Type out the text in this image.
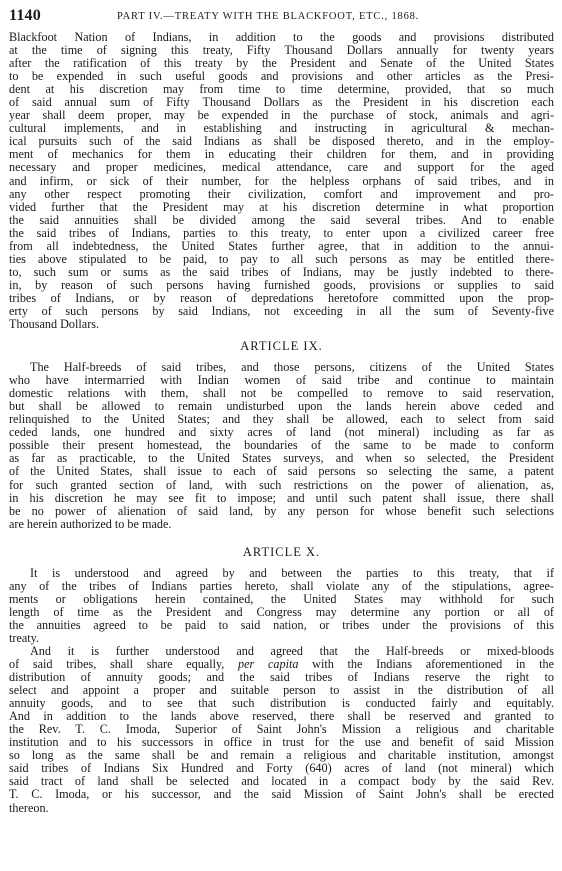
1140	PART IV.—TREATY WITH THE BLACKFOOT, ETC., 1868.
Blackfoot Nation of Indians, in addition to the goods and provisions distributed
at the time of signing this treaty, Fifty Thousand Dollars annually for twenty years
after the ratification of this treaty by the President and Senate of the United States
to be expended in such useful goods and provisions and other articles as the Presi-
dent at his discretion may from time to time determine, provided, that so much
of said annual sum of Fifty Thousand Dollars as the President in his discretion each
year shall deem proper, may be expended in the purchase of stock, animals and agri-
cultural implements, and in establishing and instructing in agricultural & mechan-
ical pursuits such of the said Indians as shall be disposed thereto, and in the employ-
ment of mechanics for them in educating their children for them, and in providing
necessary and proper medicines, medical attendance, care and support for the aged
and infirm, or sick of their number, for the helpless orphans of said tribes, and in
any other respect promoting their civilization, comfort and improvement and pro-
vided further that the President may at his discretion determine in what proportion
the said annuities shall be divided among the said several tribes. And to enable
the said tribes of Indians, parties to this treaty, to enter upon a civilized career free
from all indebtedness, the United States further agree, that in addition to the annui-
ties above stipulated to be paid, to pay to all such persons as may be entitled there-
to, such sum or sums as the said tribes of Indians, may be justly indebted to there-
in, by reason of such persons having furnished goods, provisions or supplies to said
tribes of Indians, or by reason of depredations heretofore committed upon the prop-
erty of such persons by said Indians, not exceeding in all the sum of Seventy-five
Thousand Dollars.
ARTICLE IX.
The Half-breeds of said tribes, and those persons, citizens of the United States
who have intermarried with Indian women of said tribe and continue to maintain
domestic relations with them, shall not be compelled to remove to said reservation,
but shall be allowed to remain undisturbed upon the lands herein above ceded and
relinquished to the United States; and they shall be allowed, each to select from said
ceded lands, one hundred and sixty acres of land (not mineral) including as far as
possible their present homestead, the boundaries of the same to be made to conform
as far as practicable, to the United States surveys, and when so selected, the President
of the United States, shall issue to each of said persons so selecting the same, a patent
for such granted section of land, with such restrictions on the power of alienation, as,
in his discretion he may see fit to impose; and until such patent shall issue, there shall
be no power of alienation of said land, by any person for whose benefit such selections
are herein authorized to be made.
ARTICLE X.
It is understood and agreed by and between the parties to this treaty, that if
any of the tribes of Indians parties hereto, shall violate any of the stipulations, agree-
ments or obligations herein contained, the United States may withhold for such
length of time as the President and Congress may determine any portion or all of
the annuities agreed to be paid to said nation, or tribes under the provisions of this
treaty.
And it is further understood and agreed that the Half-breeds or mixed-bloods
of said tribes, shall share equally, per capita with the Indians aforementioned in the
distribution of annuity goods; and the said tribes of Indians reserve the right to
select and appoint a proper and suitable person to assist in the distribution of all
annuity goods, and to see that such distribution is conducted fairly and equitably.
And in addition to the lands above reserved, there shall be reserved and granted to
the Rev. T. C. Imoda, Superior of Saint John's Mission a religious and charitable
institution and to his successors in office in trust for the use and benefit of said Mission
so long as the same shall be and remain a religious and charitable institution, amongst
said tribes of Indians Six Hundred and Forty (640) acres of land (not mineral) which
said tract of land shall be selected and located in a compact body by the said Rev.
T. C. Imoda, or his successor, and the said Mission of Saint John's shall be erected
thereon.
